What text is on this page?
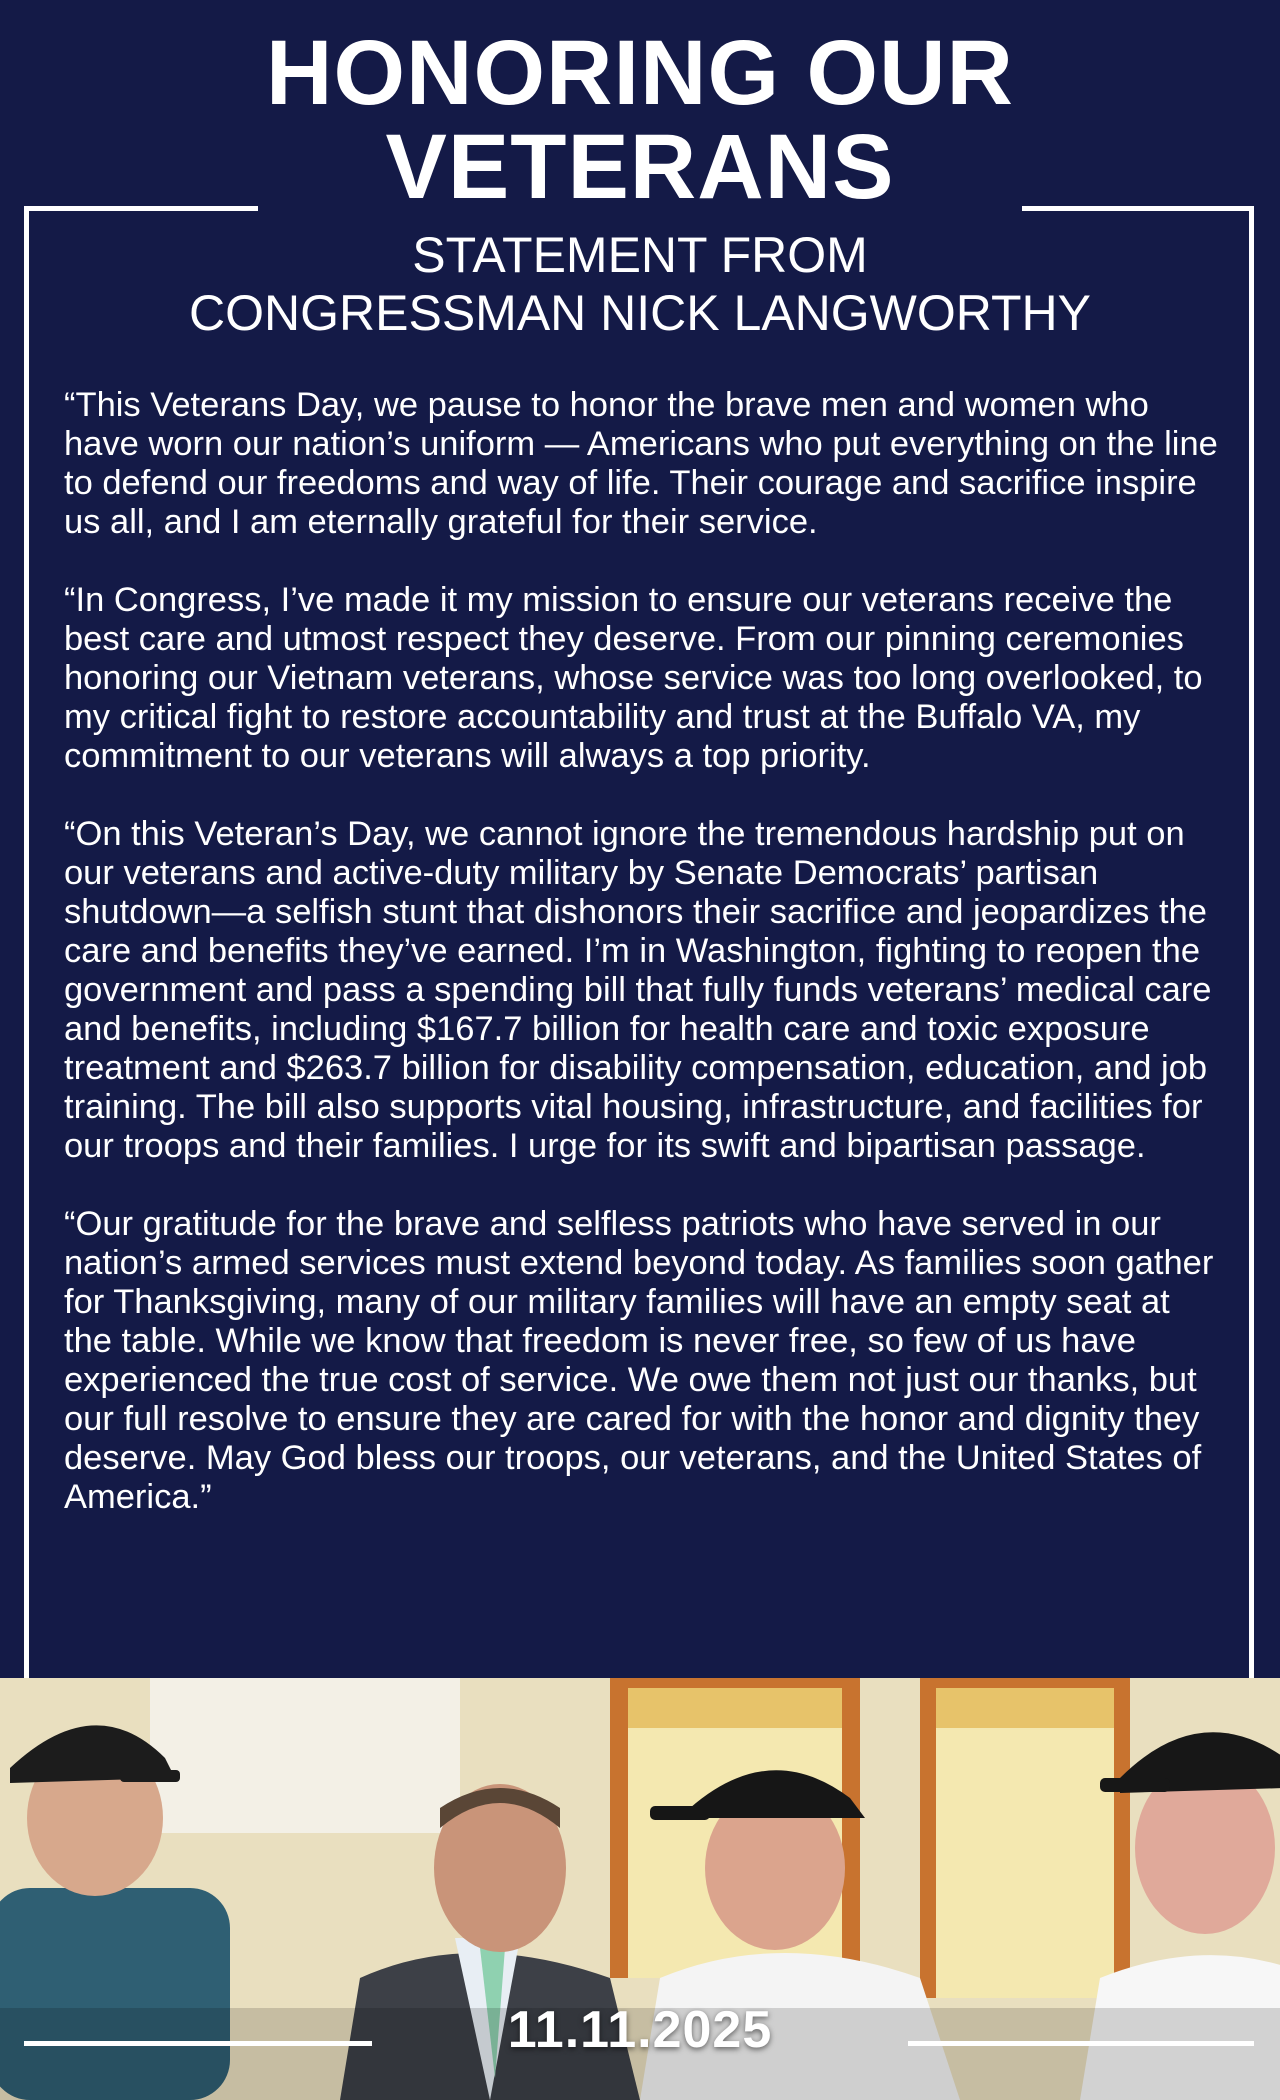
HONORING OUR
VETERANS
STATEMENT FROM
CONGRESSMAN NICK LANGWORTHY

“This Veterans Day, we pause to honor the brave men and women who have worn our nation’s uniform — Americans who put everything on the line to defend our freedoms and way of life. Their courage and sacrifice inspire us all, and I am eternally grateful for their service.

“In Congress, I’ve made it my mission to ensure our veterans receive the best care and utmost respect they deserve. From our pinning ceremonies honoring our Vietnam veterans, whose service was too long overlooked, to my critical fight to restore accountability and trust at the Buffalo VA, my commitment to our veterans will always a top priority.

“On this Veteran’s Day, we cannot ignore the tremendous hardship put on our veterans and active-duty military by Senate Democrats’ partisan shutdown—a selfish stunt that dishonors their sacrifice and jeopardizes the care and benefits they’ve earned. I’m in Washington, fighting to reopen the government and pass a spending bill that fully funds veterans’ medical care and benefits, including $167.7 billion for health care and toxic exposure treatment and $263.7 billion for disability compensation, education, and job training. The bill also supports vital housing, infrastructure, and facilities for our troops and their families. I urge for its swift and bipartisan passage.

“Our gratitude for the brave and selfless patriots who have served in our nation’s armed services must extend beyond today. As families soon gather for Thanksgiving, many of our military families will have an empty seat at the table. While we know that freedom is never free, so few of us have experienced the true cost of service. We owe them not just our thanks, but our full resolve to ensure they are cared for with the honor and dignity they deserve. May God bless our troops, our veterans, and the United States of America.”

11.11.2025
